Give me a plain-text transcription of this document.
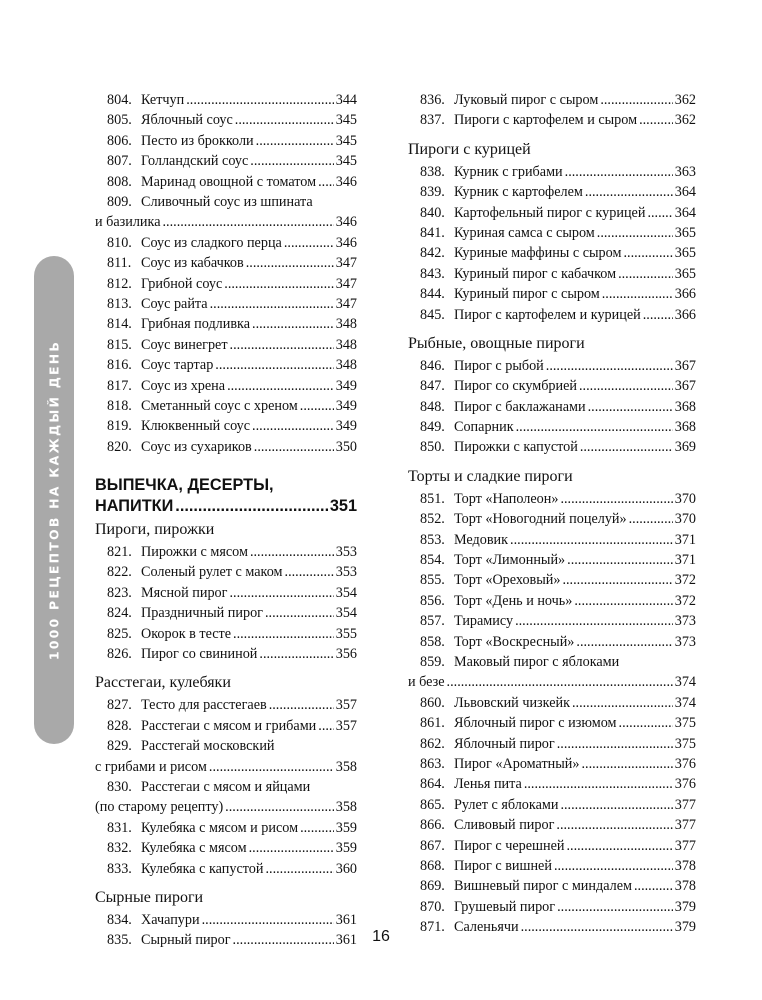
1000 РЕЦЕПТОВ НА КАЖДЫЙ ДЕНЬ
804. Кетчуп .....	344
805. Яблочный соус .....	345
806. Песто из брокколи .....	345
807. Голландский соус .....	345
808. Маринад овощной с томатом ..... 346
809. Сливочный соус из шпината
и базилика .....	346
810. Соус из сладкого перца .....	346
811. Соус из кабачков .....	347
812. Грибной соус .....	347
813. Соус райта .....	347
814. Грибная подливка .....	348
815. Соус винегрет .....	348
816. Соус тартар .....	348
817. Соус из хрена .....	349
818. Сметанный соус с хреном .....	349
819. Клюквенный соус .....	349
820. Соус из сухариков .....	350
ВЫПЕЧКА, ДЕСЕРТЫ,
НАПИТКИ .....	351
Пироги, пирожки
821. Пирожки с мясом .....	353
822. Соленый рулет с маком .....	353
823. Мясной пирог .....	354
824. Праздничный пирог .....	354
825. Окорок в тесте .....	355
826. Пирог со свининой .....	356
Расстегаи, кулебяки
827. Тесто для расстегаев .....	357
828. Расстегаи с мясом и грибами ..... 357
829. Расстегай московский
с грибами и рисом .....	358
830. Расстегаи с мясом и яйцами
(по старому рецепту) .....	358
831. Кулебяка с мясом и рисом .....	359
832. Кулебяка с мясом .....	359
833. Кулебяка с капустой .....	360
Сырные пироги
834. Хачапури .....	361
835. Сырный пирог .....	361
836. Луковый пирог с сыром .....	362
837. Пироги с картофелем и сыром .....	362
Пироги с курицей
838. Курник с грибами .....	363
839. Курник с картофелем .....	364
840. Картофельный пирог с курицей ..... 364
841. Куриная самса с сыром .....	365
842. Куриные маффины с сыром .....	365
843. Куриный пирог с кабачком .....	365
844. Куриный пирог с сыром .....	366
845. Пирог с картофелем и курицей ..... 366
Рыбные, овощные пироги
846. Пирог с рыбой .....	367
847. Пирог со скумбрией .....	367
848. Пирог с баклажанами .....	368
849. Сопарник .....	368
850. Пирожки с капустой .....	369
Торты и сладкие пироги
851. Торт «Наполеон» .....	370
852. Торт «Новогодний поцелуй» .....	370
853. Медовик .....	371
854. Торт «Лимонный» .....	371
855. Торт «Ореховый» .....	372
856. Торт «День и ночь» .....	372
857. Тирамису .....	373
858. Торт «Воскресный» .....	373
859. Маковый пирог с яблоками
и безе .....	374
860. Львовский чизкейк .....	374
861. Яблочный пирог с изюмом .....	375
862. Яблочный пирог .....	375
863. Пирог «Ароматный» .....	376
864. Ленья пита .....	376
865. Рулет с яблоками .....	377
866. Сливовый пирог .....	377
867. Пирог с черешней .....	377
868. Пирог с вишней .....	378
869. Вишневый пирог с миндалем .....	378
870. Грушевый пирог .....	379
871. Саленьячи .....	379
16
